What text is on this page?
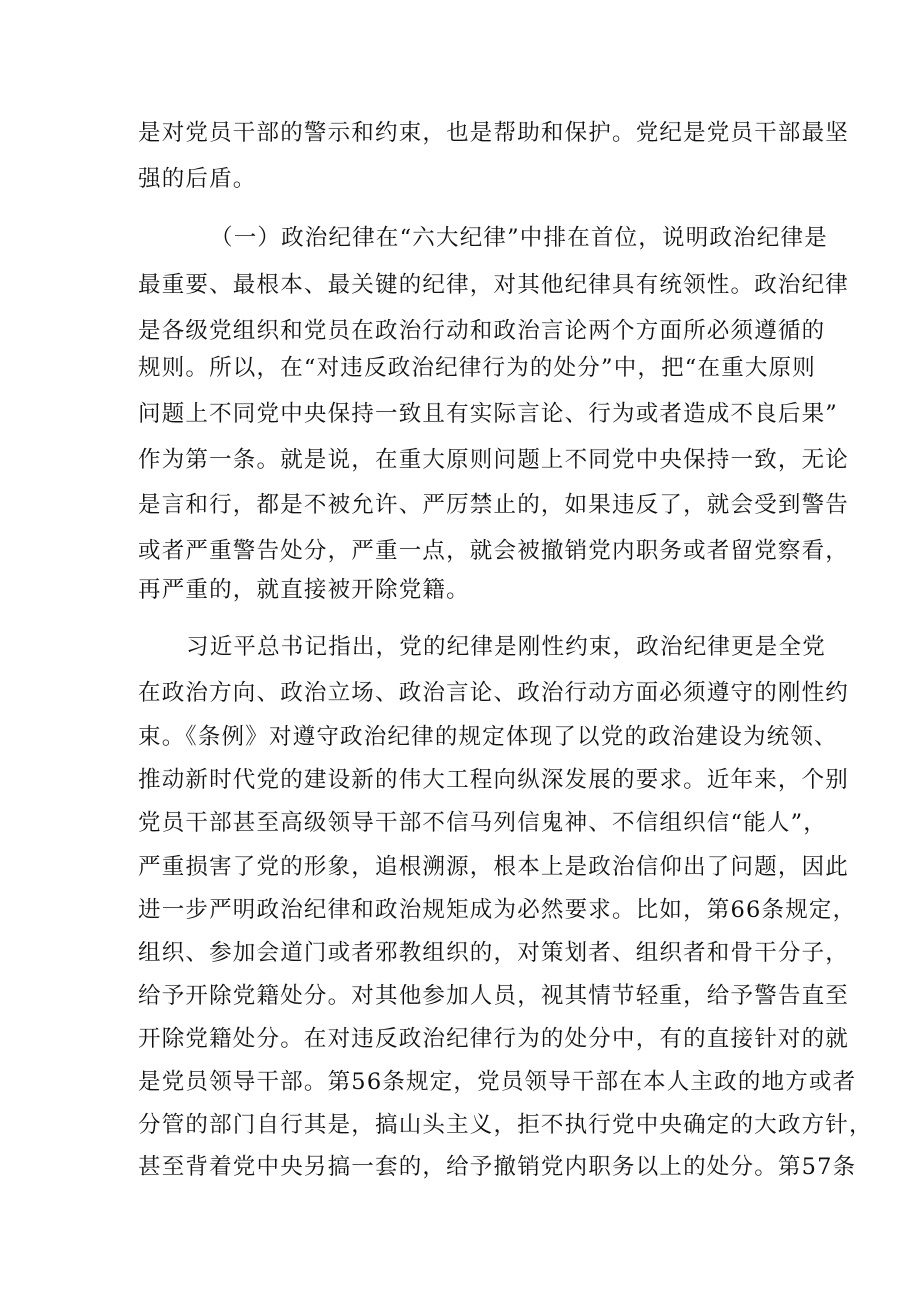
是对党员干部的警示和约束，也是帮助和保护。党纪是党员干部最坚
强的后盾。
（一）政治纪律在“六大纪律”中排在首位，说明政治纪律是
最重要、最根本、最关键的纪律，对其他纪律具有统领性。政治纪律
是各级党组织和党员在政治行动和政治言论两个方面所必须遵循的
规则。所以，在“对违反政治纪律行为的处分”中，把“在重大原则
问题上不同党中央保持一致且有实际言论、行为或者造成不良后果”
作为第一条。就是说，在重大原则问题上不同党中央保持一致，无论
是言和行，都是不被允许、严厉禁止的，如果违反了，就会受到警告
或者严重警告处分，严重一点，就会被撤销党内职务或者留党察看，
再严重的，就直接被开除党籍。
习近平总书记指出，党的纪律是刚性约束，政治纪律更是全党
在政治方向、政治立场、政治言论、政治行动方面必须遵守的刚性约
束。《条例》对遵守政治纪律的规定体现了以党的政治建设为统领、
推动新时代党的建设新的伟大工程向纵深发展的要求。近年来，个别
党员干部甚至高级领导干部不信马列信鬼神、不信组织信“能人”，
严重损害了党的形象，追根溯源，根本上是政治信仰出了问题，因此
进一步严明政治纪律和政治规矩成为必然要求。比如，第66条规定，
组织、参加会道门或者邪教组织的，对策划者、组织者和骨干分子，
给予开除党籍处分。对其他参加人员，视其情节轻重，给予警告直至
开除党籍处分。在对违反政治纪律行为的处分中，有的直接针对的就
是党员领导干部。第56条规定，党员领导干部在本人主政的地方或者
分管的部门自行其是，搞山头主义，拒不执行党中央确定的大政方针，
甚至背着党中央另搞一套的，给予撤销党内职务以上的处分。第57条
